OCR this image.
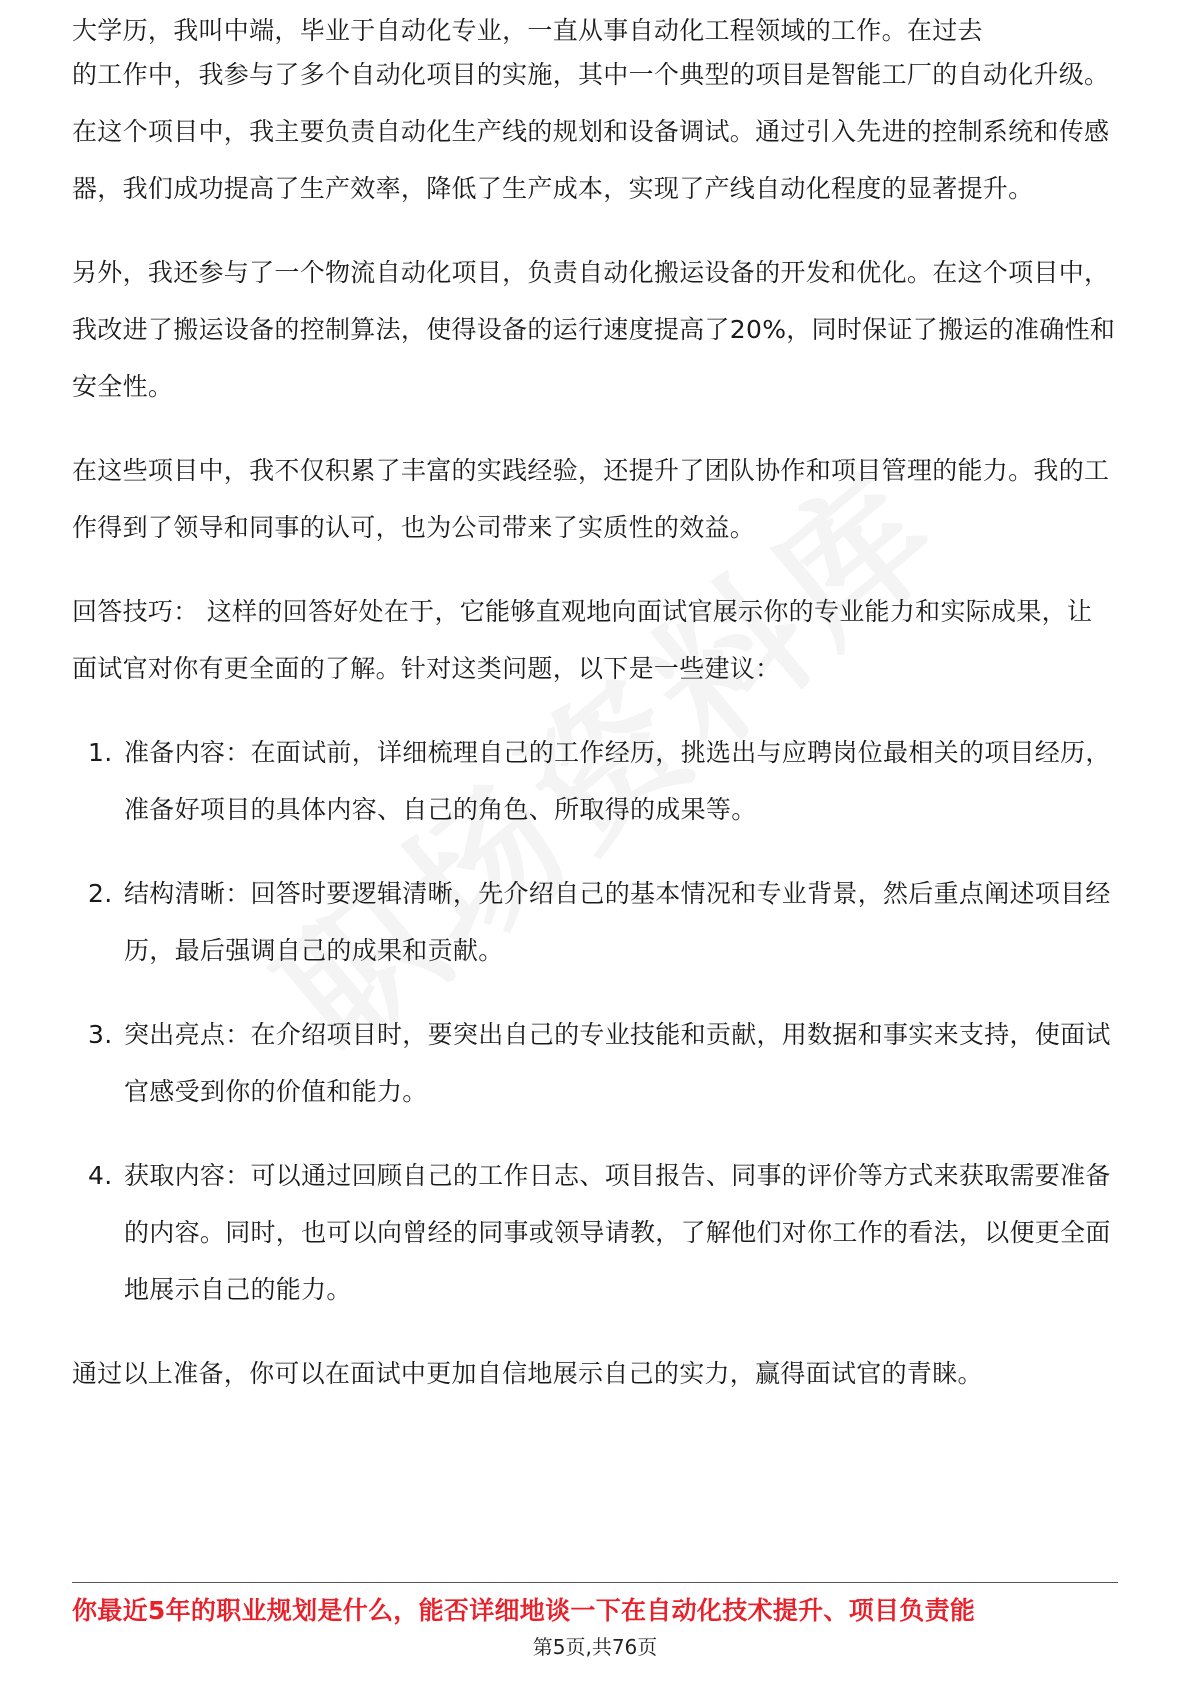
大学历，我叫中端，毕业于自动化专业，一直从事自动化工程领域的工作。在过去

的工作中，我参与了多个自动化项目的实施，其中一个典型的项目是智能工厂的自动化升级。在这个项目中，我主要负责自动化生产线的规划和设备调试。通过引入先进的控制系统和传感器，我们成功提高了生产效率，降低了生产成本，实现了产线自动化程度的显著提升。

另外，我还参与了一个物流自动化项目，负责自动化搬运设备的开发和优化。在这个项目中，我改进了搬运设备的控制算法，使得设备的运行速度提高了20%，同时保证了搬运的准确性和安全性。

在这些项目中，我不仅积累了丰富的实践经验，还提升了团队协作和项目管理的能力。我的工作得到了领导和同事的认可，也为公司带来了实质性的效益。

回答技巧： 这样的回答好处在于，它能够直观地向面试官展示你的专业能力和实际成果，让面试官对你有更全面的了解。针对这类问题，以下是一些建议：

1. 准备内容：在面试前，详细梳理自己的工作经历，挑选出与应聘岗位最相关的项目经历，准备好项目的具体内容、自己的角色、所取得的成果等。
2. 结构清晰：回答时要逻辑清晰，先介绍自己的基本情况和专业背景，然后重点阐述项目经历，最后强调自己的成果和贡献。
3. 突出亮点：在介绍项目时，要突出自己的专业技能和贡献，用数据和事实来支持，使面试官感受到你的价值和能力。
4. 获取内容：可以通过回顾自己的工作日志、项目报告、同事的评价等方式来获取需要准备的内容。同时，也可以向曾经的同事或领导请教，了解他们对你工作的看法，以便更全面地展示自己的能力。

通过以上准备，你可以在面试中更加自信地展示自己的实力，赢得面试官的青睐。

你最近5年的职业规划是什么，能否详细地谈一下在自动化技术提升、项目负责能
第5页,共76页
